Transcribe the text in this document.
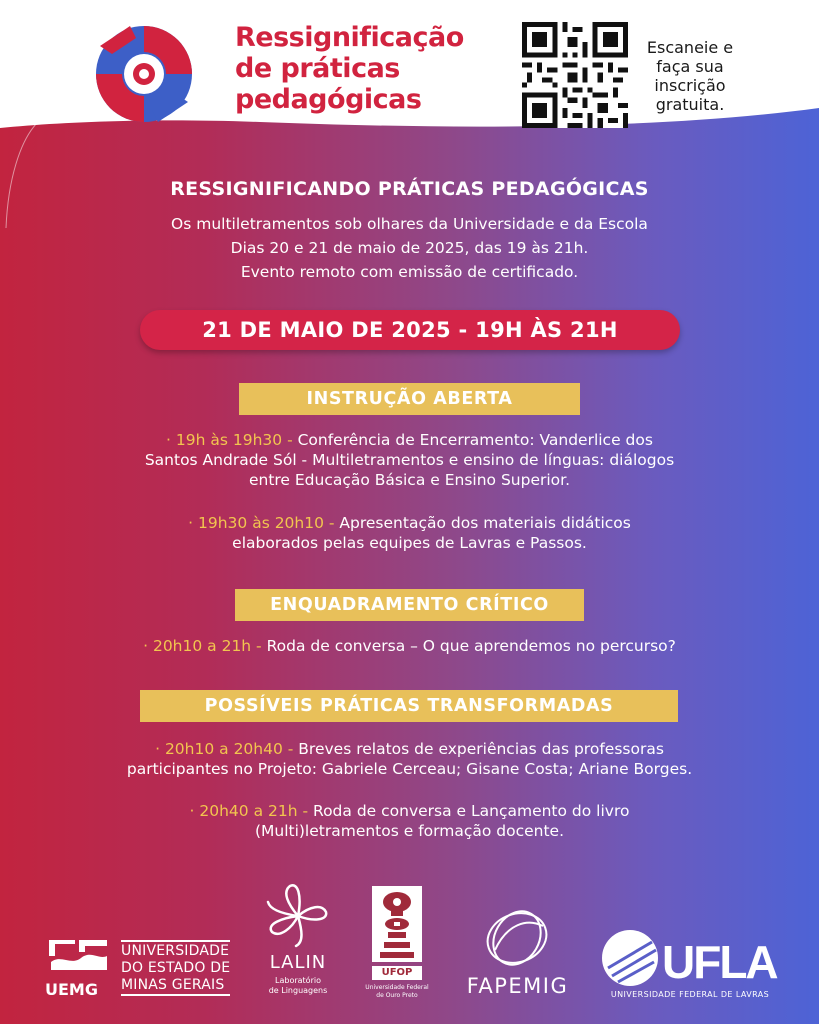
Ressignificação
de práticas
pedagógicas
Escaneie e
faça sua
inscrição
gratuita.
RESSIGNIFICANDO PRÁTICAS PEDAGÓGICAS
Os multiletramentos sob olhares da Universidade e da Escola
Dias 20 e 21 de maio de 2025, das 19 às 21h.
Evento remoto com emissão de certificado.
21 DE MAIO DE 2025 - 19H ÀS 21H
INSTRUÇÃO ABERTA
· 19h às 19h30 - Conferência de Encerramento: Vanderlice dos
Santos Andrade Sól - Multiletramentos e ensino de línguas: diálogos
entre Educação Básica e Ensino Superior.
· 19h30 às 20h10 - Apresentação dos materiais didáticos
elaborados pelas equipes de Lavras e Passos.
ENQUADRAMENTO CRÍTICO
· 20h10 a 21h - Roda de conversa – O que aprendemos no percurso?
POSSÍVEIS PRÁTICAS TRANSFORMADAS
· 20h10 a 20h40 - Breves relatos de experiências das professoras
participantes no Projeto: Gabriele Cerceau; Gisane Costa; Ariane Borges.
· 20h40 a 21h - Roda de conversa e Lançamento do livro
(Multi)letramentos e formação docente.
UNIVERSIDADE
DO ESTADO DE
MINAS GERAIS
UEMG
LALIN
Laboratório
de Linguagens
UFOP
Universidade Federal
de Ouro Preto	FAPEMIG UFLA
UNIVERSIDADE FEDERAL DE LAVRAS
